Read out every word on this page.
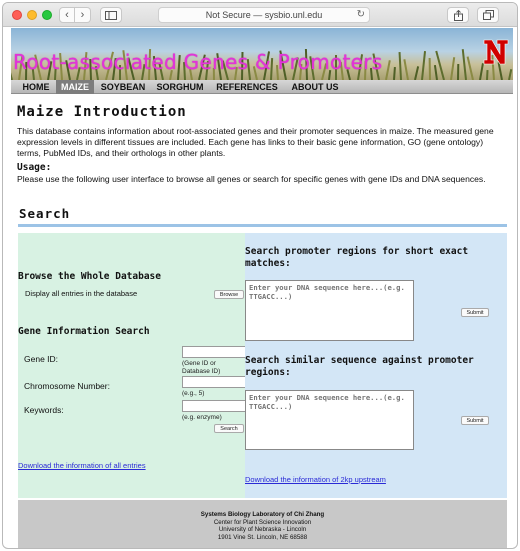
‹ ›	Not Secure — sysbio.unl.edu	↻
Root-associated Genes & Promoters
HOME	MAIZE	SOYBEAN	SORGHUM	REFERENCES	ABOUT US
Maize Introduction

This database contains information about root-associated genes and their promoter sequences in maize. The measured gene expression levels in different tissues are included. Each gene has links to their basic gene information, GO (gene ontology) terms, PubMed IDs, and their orthologs in other plants.

Usage:

Please use the following user interface to browse all genes or search for specific genes with gene IDs and DNA sequences.

Search
Browse the Whole Database
Display all entries in the database	Browse
Gene Information Search
Gene ID:	(Gene ID or Database ID)
Chromosome Number:
(e.g., 5)
Keywords:
(e.g. enzyme)
Search
Download the information of all entries
Search promoter regions for short exact matches:
Enter your DNA sequence here...(e.g. TTGACC...)
Submit
Search similar sequence against promoter regions:
Enter your DNA sequence here...(e.g. TTGACC...)
Submit
Download the information of 2kp upstream
Systems Biology Laboratory of Chi Zhang
Center for Plant Science Innovation
University of Nebraska - Lincoln
1901 Vine St. Lincoln, NE 68588
